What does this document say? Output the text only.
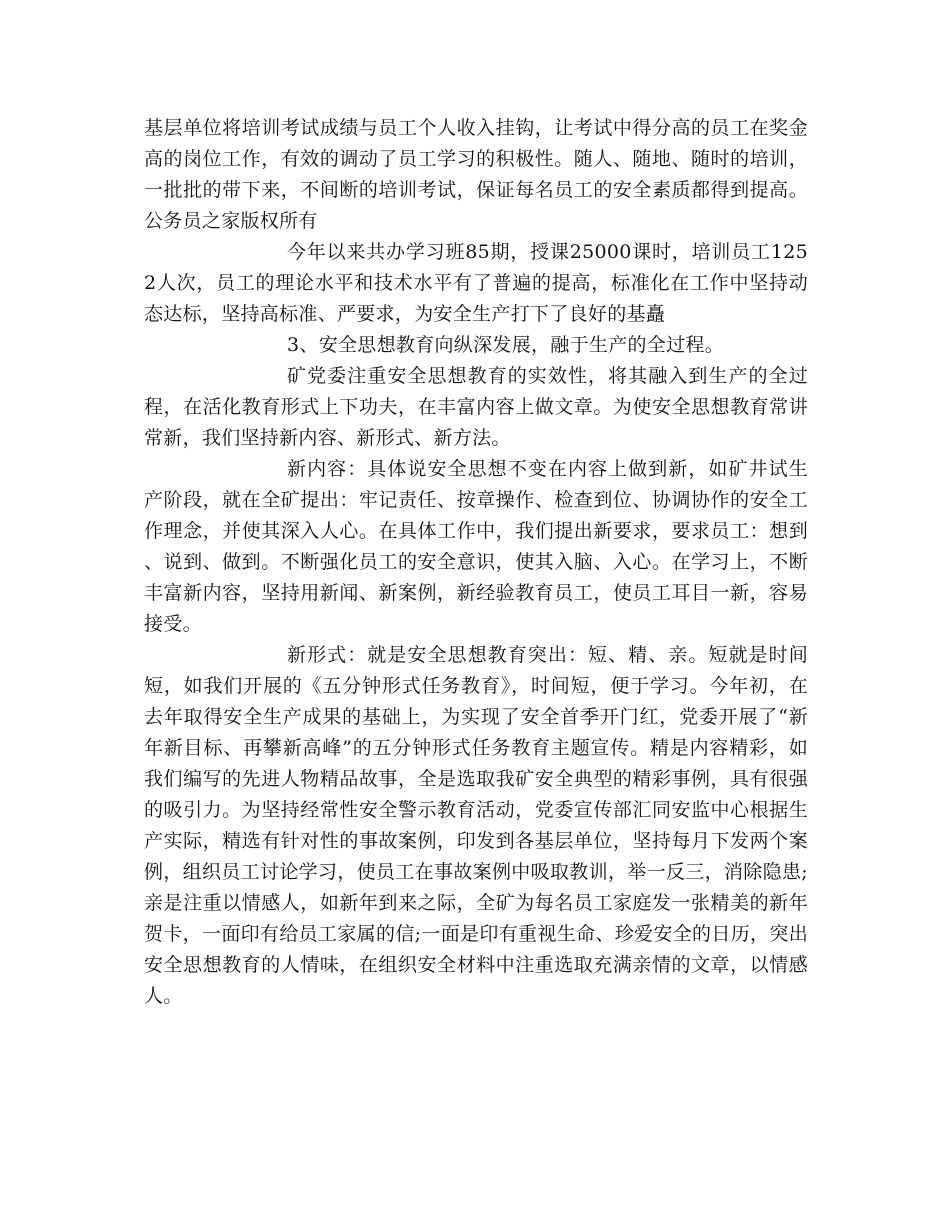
基层单位将培训考试成绩与员工个人收入挂钩，让考试中得分高的员工在奖金高的岗位工作，有效的调动了员工学习的积极性。随人、随地、随时的培训，一批批的带下来，不间断的培训考试，保证每名员工的安全素质都得到提高。公务员之家版权所有

今年以来共办学习班85期，授课25000课时，培训员工1252人次，员工的理论水平和技术水平有了普遍的提高，标准化在工作中坚持动态达标，坚持高标准、严要求，为安全生产打下了良好的基矗

3、安全思想教育向纵深发展，融于生产的全过程。

矿党委注重安全思想教育的实效性，将其融入到生产的全过程，在活化教育形式上下功夫，在丰富内容上做文章。为使安全思想教育常讲常新，我们坚持新内容、新形式、新方法。

新内容：具体说安全思想不变在内容上做到新，如矿井试生产阶段，就在全矿提出：牢记责任、按章操作、检查到位、协调协作的安全工作理念，并使其深入人心。在具体工作中，我们提出新要求，要求员工：想到、说到、做到。不断强化员工的安全意识，使其入脑、入心。在学习上，不断丰富新内容，坚持用新闻、新案例，新经验教育员工，使员工耳目一新，容易接受。

新形式：就是安全思想教育突出：短、精、亲。短就是时间短，如我们开展的《五分钟形式任务教育》，时间短，便于学习。今年初，在去年取得安全生产成果的基础上，为实现了安全首季开门红，党委开展了“新年新目标、再攀新高峰”的五分钟形式任务教育主题宣传。精是内容精彩，如我们编写的先进人物精品故事，全是选取我矿安全典型的精彩事例，具有很强的吸引力。为坚持经常性安全警示教育活动，党委宣传部汇同安监中心根据生产实际，精选有针对性的事故案例，印发到各基层单位，坚持每月下发两个案例，组织员工讨论学习，使员工在事故案例中吸取教训，举一反三，消除隐患;亲是注重以情感人，如新年到来之际，全矿为每名员工家庭发一张精美的新年贺卡，一面印有给员工家属的信;一面是印有重视生命、珍爱安全的日历，突出安全思想教育的人情味，在组织安全材料中注重选取充满亲情的文章，以情感人。
